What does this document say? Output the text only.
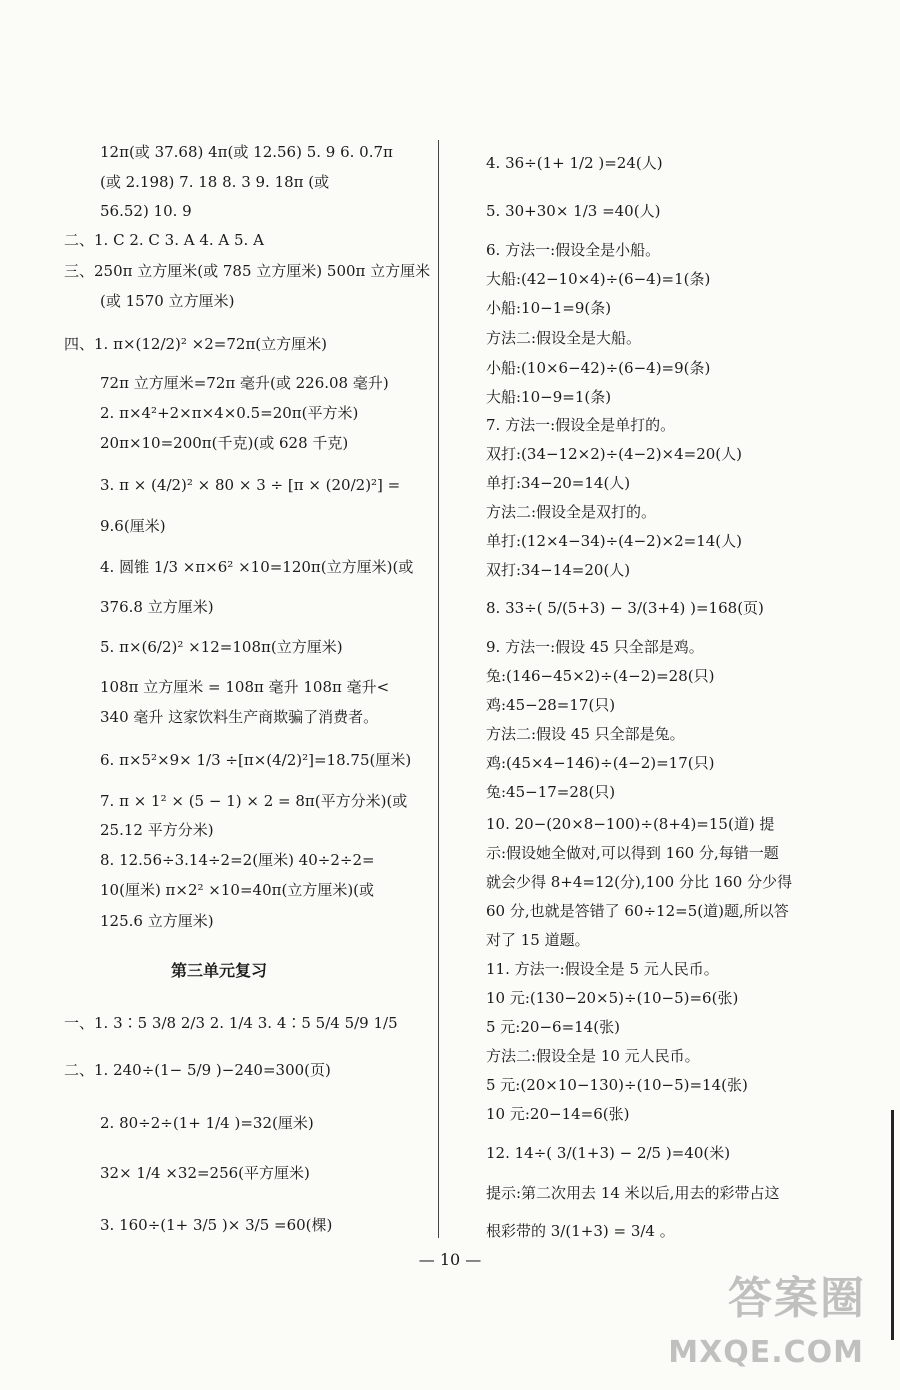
12π(或 37.68) 4π(或 12.56) 5. 9 6. 0.7π
(或 2.198) 7. 18 8. 3 9. 18π (或
56.52) 10. 9
二、1. C 2. C 3. A 4. A 5. A
三、250π 立方厘米(或 785 立方厘米) 500π 立方厘米
(或 1570 立方厘米)
四、1. π×(12/2)² ×2=72π(立方厘米)
72π 立方厘米=72π 毫升(或 226.08 毫升)
2. π×4²+2×π×4×0.5=20π(平方米)
20π×10=200π(千克)(或 628 千克)
3. π × (4/2)² × 80 × 3 ÷ [π × (20/2)²] =
9.6(厘米)
4. 圆锥 1/3 ×π×6² ×10=120π(立方厘米)(或
376.8 立方厘米)
5. π×(6/2)² ×12=108π(立方厘米)
108π 立方厘米 = 108π 毫升 108π 毫升<
340 毫升 这家饮料生产商欺骗了消费者。
6. π×5²×9× 1/3 ÷[π×(4/2)²]=18.75(厘米)
7. π × 1² × (5 − 1) × 2 = 8π(平方分米)(或
25.12 平方分米)
8. 12.56÷3.14÷2=2(厘米) 40÷2÷2=
10(厘米) π×2² ×10=40π(立方厘米)(或
125.6 立方厘米)
第三单元复习
一、1. 3∶5 3/8 2/3 2. 1/4 3. 4∶5 5/4 5/9 1/5
二、1. 240÷(1− 5/9 )−240=300(页)
2. 80÷2÷(1+ 1/4 )=32(厘米)
32× 1/4 ×32=256(平方厘米)
3. 160÷(1+ 3/5 )× 3/5 =60(棵)
4. 36÷(1+ 1/2 )=24(人)
5. 30+30× 1/3 =40(人)
6. 方法一:假设全是小船。
大船:(42−10×4)÷(6−4)=1(条)
小船:10−1=9(条)
方法二:假设全是大船。
小船:(10×6−42)÷(6−4)=9(条)
大船:10−9=1(条)
7. 方法一:假设全是单打的。
双打:(34−12×2)÷(4−2)×4=20(人)
单打:34−20=14(人)
方法二:假设全是双打的。
单打:(12×4−34)÷(4−2)×2=14(人)
双打:34−14=20(人)
8. 33÷( 5/(5+3) − 3/(3+4) )=168(页)
9. 方法一:假设 45 只全部是鸡。
兔:(146−45×2)÷(4−2)=28(只)
鸡:45−28=17(只)
方法二:假设 45 只全部是兔。
鸡:(45×4−146)÷(4−2)=17(只)
兔:45−17=28(只)
10. 20−(20×8−100)÷(8+4)=15(道) 提
示:假设她全做对,可以得到 160 分,每错一题
就会少得 8+4=12(分),100 分比 160 分少得
60 分,也就是答错了 60÷12=5(道)题,所以答
对了 15 道题。
11. 方法一:假设全是 5 元人民币。
10 元:(130−20×5)÷(10−5)=6(张)
5 元:20−6=14(张)
方法二:假设全是 10 元人民币。
5 元:(20×10−130)÷(10−5)=14(张)
10 元:20−14=6(张)
12. 14÷( 3/(1+3) − 2/5 )=40(米)
提示:第二次用去 14 米以后,用去的彩带占这
根彩带的 3/(1+3) = 3/4 。
— 10 —
答案圈
MXQE.COM
